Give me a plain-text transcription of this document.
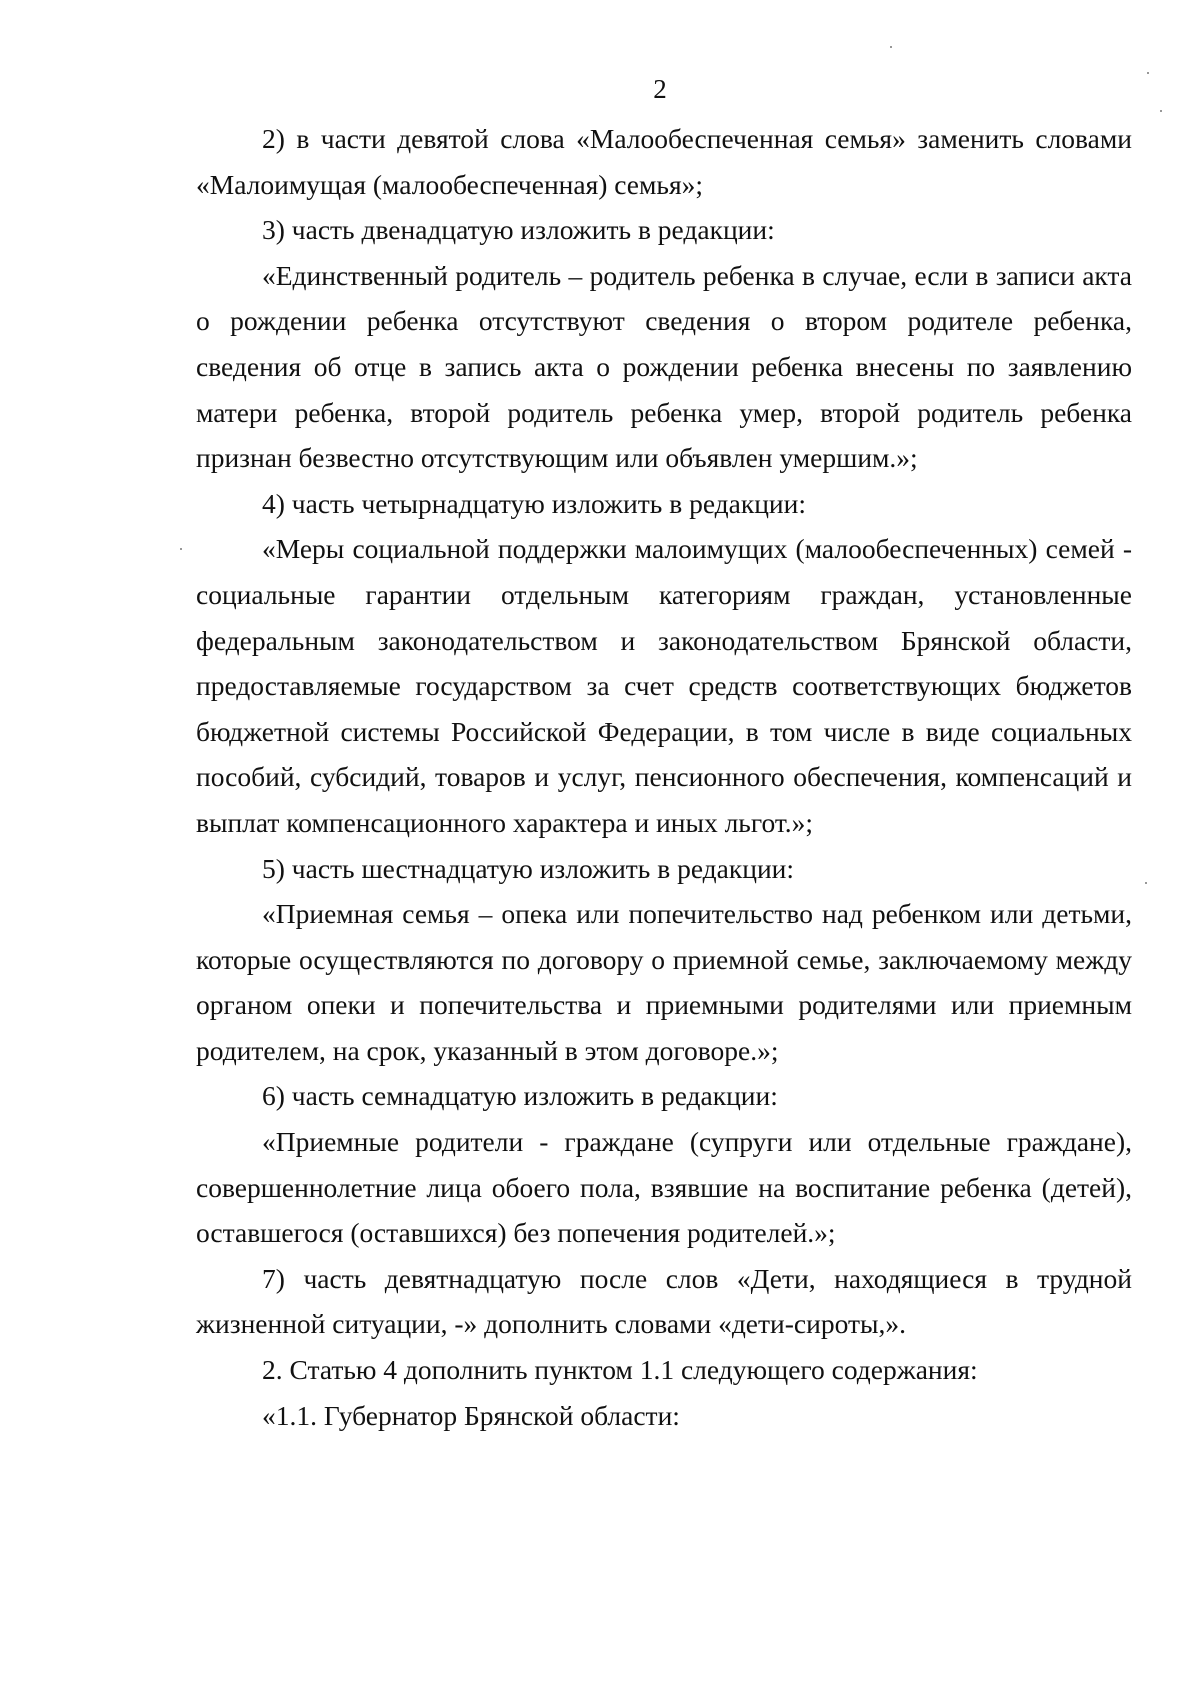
2

2) в части девятой слова «Малообеспеченная семья» заменить словами «Малоимущая (малообеспеченная) семья»;

3) часть двенадцатую изложить в редакции:

«Единственный родитель – родитель ребенка в случае, если в записи акта о рождении ребенка отсутствуют сведения о втором родителе ребенка, сведения об отце в запись акта о рождении ребенка внесены по заявлению матери ребенка, второй родитель ребенка умер, второй родитель ребенка признан безвестно отсутствующим или объявлен умершим.»;

4) часть четырнадцатую изложить в редакции:

«Меры социальной поддержки малоимущих (малообеспеченных) семей - социальные гарантии отдельным категориям граждан, установленные федеральным законодательством и законодательством Брянской области, предоставляемые государством за счет средств соответствующих бюджетов бюджетной системы Российской Федерации, в том числе в виде социальных пособий, субсидий, товаров и услуг, пенсионного обеспечения, компенсаций и выплат компенсационного характера и иных льгот.»;

5) часть шестнадцатую изложить в редакции:

«Приемная семья – опека или попечительство над ребенком или детьми, которые осуществляются по договору о приемной семье, заключаемому между органом опеки и попечительства и приемными родителями или приемным родителем, на срок, указанный в этом договоре.»;

6) часть семнадцатую изложить в редакции:

«Приемные родители - граждане (супруги или отдельные граждане), совершеннолетние лица обоего пола, взявшие на воспитание ребенка (детей), оставшегося (оставшихся) без попечения родителей.»;

7) часть девятнадцатую после слов «Дети, находящиеся в трудной жизненной ситуации, -» дополнить словами «дети-сироты,».

2. Статью 4 дополнить пунктом 1.1 следующего содержания:

«1.1. Губернатор Брянской области:
